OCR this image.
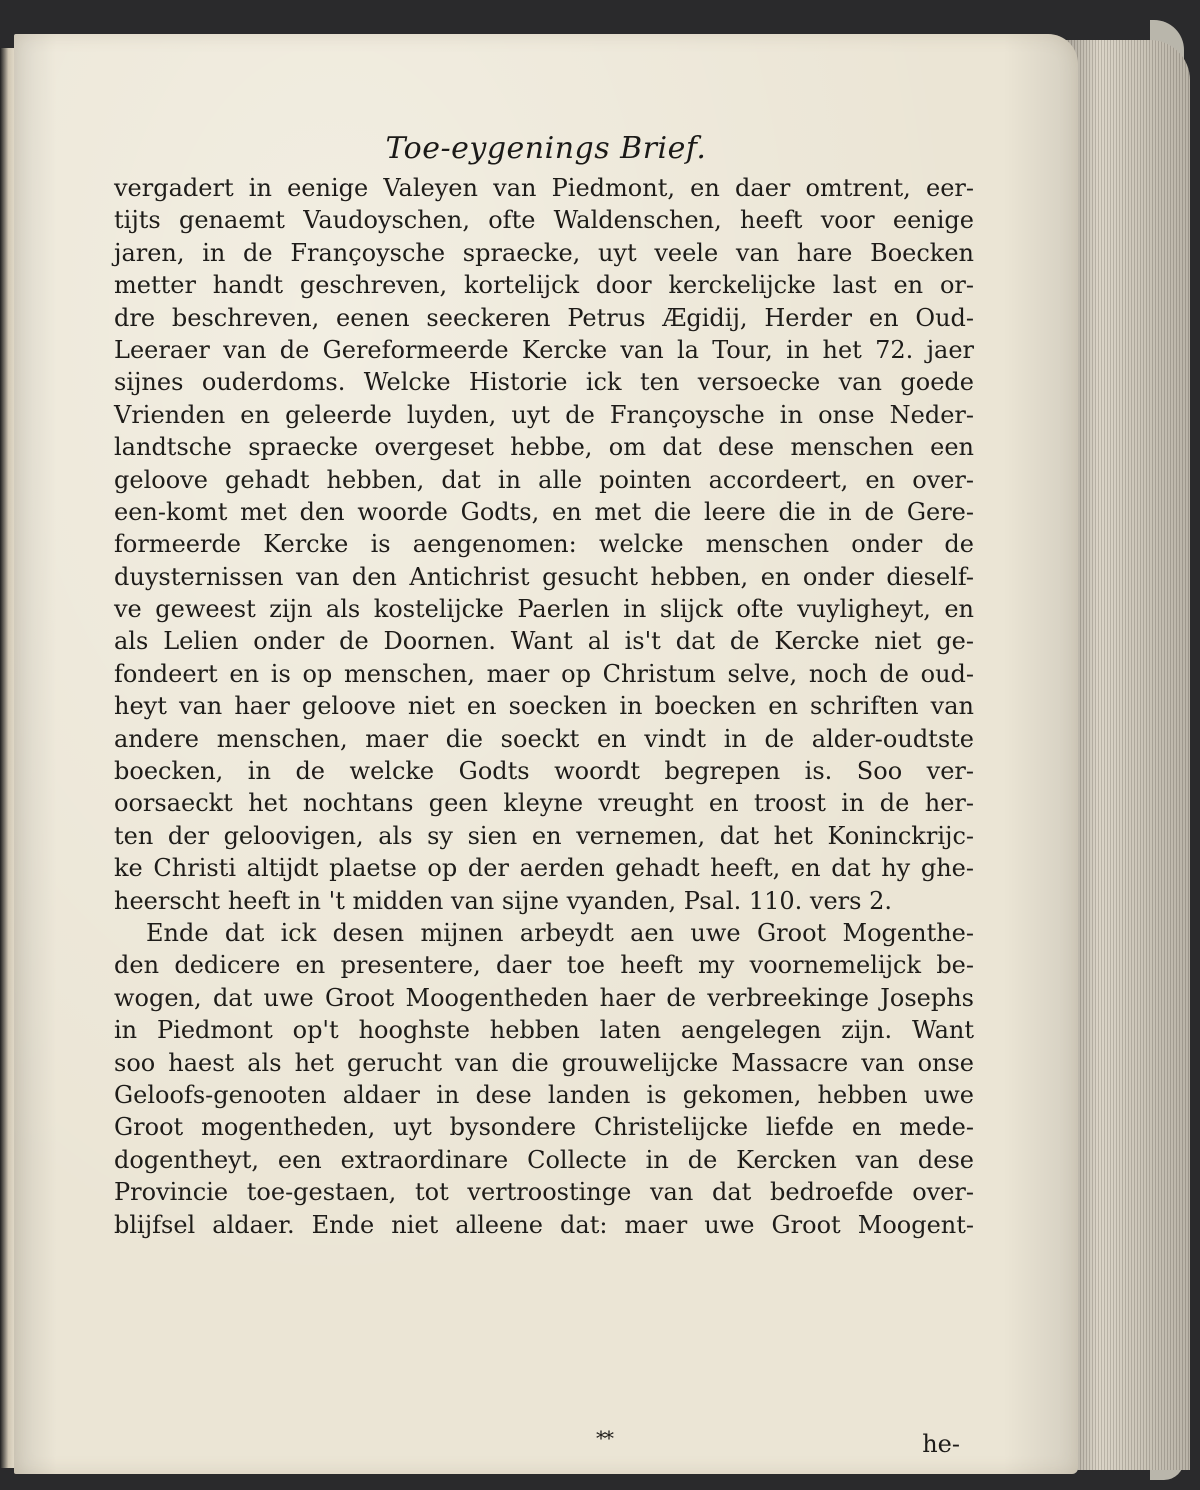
Toe-eygenings Brief.
vergadert in eenige Valeyen van Piedmont, en daer omtrent, eer-
tijts genaemt Vaudoyschen, ofte Waldenschen, heeft voor eenige
jaren, in de Françoysche spraecke, uyt veele van hare Boecken
metter handt geschreven, kortelijck door kerckelijcke last en or-
dre beschreven, eenen seeckeren Petrus Ægidij, Herder en Oud-
Leeraer van de Gereformeerde Kercke van la Tour, in het 72. jaer
sijnes ouderdoms. Welcke Historie ick ten versoecke van goede
Vrienden en geleerde luyden, uyt de Françoysche in onse Neder-
landtsche spraecke overgeset hebbe, om dat dese menschen een
geloove gehadt hebben, dat in alle pointen accordeert, en over-
een-komt met den woorde Godts, en met die leere die in de Gere-
formeerde Kercke is aengenomen: welcke menschen onder de
duysternissen van den Antichrist gesucht hebben, en onder dieself-
ve geweest zijn als kostelijcke Paerlen in slijck ofte vuyligheyt, en
als Lelien onder de Doornen. Want al is't dat de Kercke niet ge-
fondeert en is op menschen, maer op Christum selve, noch de oud-
heyt van haer geloove niet en soecken in boecken en schriften van
andere menschen, maer die soeckt en vindt in de alder-oudtste
boecken, in de welcke Godts woordt begrepen is. Soo ver-
oorsaeckt het nochtans geen kleyne vreught en troost in de her-
ten der geloovigen, als sy sien en vernemen, dat het Koninckrijc-
ke Christi altijdt plaetse op der aerden gehadt heeft, en dat hy ghe-
heerscht heeft in 't midden van sijne vyanden, Psal. 110. vers 2.
Ende dat ick desen mijnen arbeydt aen uwe Groot Mogenthe-
den dedicere en presentere, daer toe heeft my voornemelijck be-
wogen, dat uwe Groot Moogentheden haer de verbreekinge Josephs
in Piedmont op't hooghste hebben laten aengelegen zijn. Want
soo haest als het gerucht van die grouwelijcke Massacre van onse
Geloofs-genooten aldaer in dese landen is gekomen, hebben uwe
Groot mogentheden, uyt bysondere Christelijcke liefde en mede-
dogentheyt, een extraordinare Collecte in de Kercken van dese
Provincie toe-gestaen, tot vertroostinge van dat bedroefde over-
blijfsel aldaer. Ende niet alleene dat: maer uwe Groot Moogent-
**	he-
